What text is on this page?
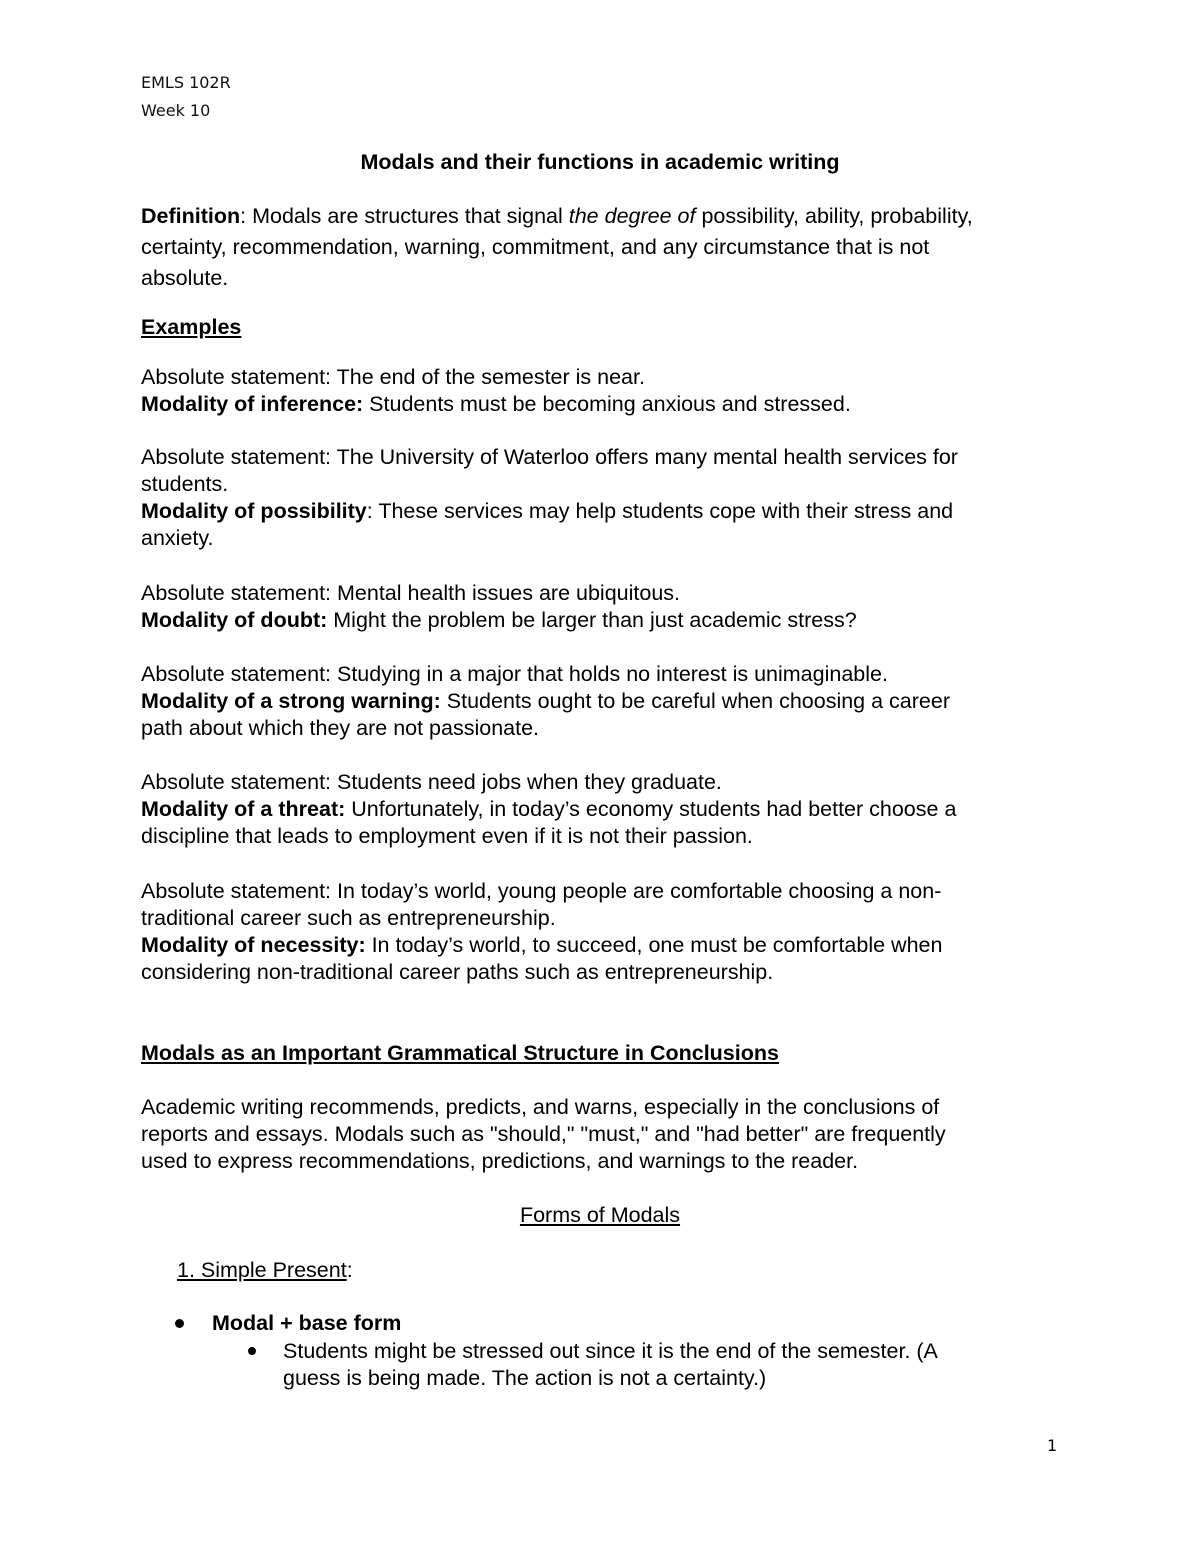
EMLS 102R
Week 10
Modals and their functions in academic writing
Definition: Modals are structures that signal the degree of possibility, ability, probability,
certainty, recommendation, warning, commitment, and any circumstance that is not
absolute.
Examples
Absolute statement: The end of the semester is near.
Modality of inference: Students must be becoming anxious and stressed.
Absolute statement: The University of Waterloo offers many mental health services for
students.
Modality of possibility: These services may help students cope with their stress and
anxiety.
Absolute statement: Mental health issues are ubiquitous.
Modality of doubt: Might the problem be larger than just academic stress?
Absolute statement: Studying in a major that holds no interest is unimaginable.
Modality of a strong warning: Students ought to be careful when choosing a career
path about which they are not passionate.
Absolute statement: Students need jobs when they graduate.
Modality of a threat: Unfortunately, in today’s economy students had better choose a
discipline that leads to employment even if it is not their passion.
Absolute statement: In today’s world, young people are comfortable choosing a non-
traditional career such as entrepreneurship.
Modality of necessity: In today’s world, to succeed, one must be comfortable when
considering non-traditional career paths such as entrepreneurship.
Modals as an Important Grammatical Structure in Conclusions
Academic writing recommends, predicts, and warns, especially in the conclusions of
reports and essays. Modals such as "should," "must," and "had better" are frequently
used to express recommendations, predictions, and warnings to the reader.
Forms of Modals
1. Simple Present:
Modal + base form
Students might be stressed out since it is the end of the semester. (A
guess is being made. The action is not a certainty.)
1
